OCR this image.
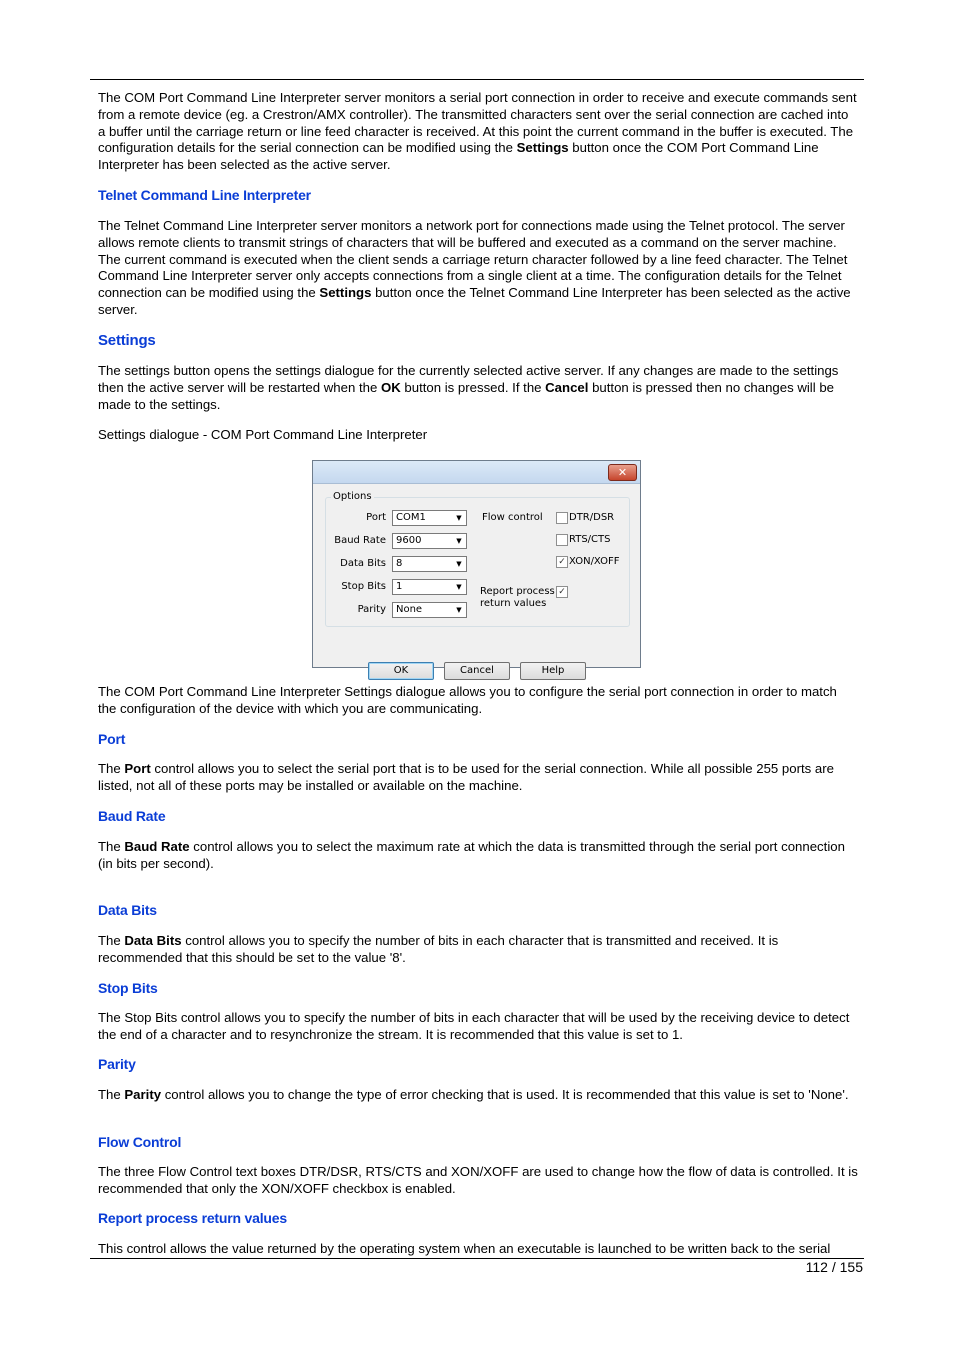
The COM Port Command Line Interpreter server monitors a serial port connection in order to receive and execute commands sent from a remote device (eg. a Crestron/AMX controller). The transmitted characters sent over the serial connection are cached into a buffer until the carriage return or line feed character is received. At this point the current command in the buffer is executed. The configuration details for the serial connection can be modified using the Settings button once the COM Port Command Line Interpreter has been selected as the active server.

Telnet Command Line Interpreter

The Telnet Command Line Interpreter server monitors a network port for connections made using the Telnet protocol. The server allows remote clients to transmit strings of characters that will be buffered and executed as a command on the server machine. The current command is executed when the client sends a carriage return character followed by a line feed character. The Telnet Command Line Interpreter server only accepts connections from a single client at a time. The configuration details for the Telnet connection can be modified using the Settings button once the Telnet Command Line Interpreter has been selected as the active server.

Settings

The settings button opens the settings dialogue for the currently selected active server. If any changes are made to the settings then the active server will be restarted when the OK button is pressed. If the Cancel button is pressed then no changes will be made to the settings.

Settings dialogue - COM Port Command Line Interpreter

✕
Options
Port	COM1	▼
Baud Rate	9600	▼
Data Bits	8	▼
Stop Bits	1	▼
Parity	None	▼
Flow control	DTR/DSR
RTS/CTS
✓ XON/XOFF
Report process
return values
✓
OK	Cancel	Help

The COM Port Command Line Interpreter Settings dialogue allows you to configure the serial port connection in order to match the configuration of the device with which you are communicating.

Port

The Port control allows you to select the serial port that is to be used for the serial connection. While all possible 255 ports are listed, not all of these ports may be installed or available on the machine.

Baud Rate

The Baud Rate control allows you to select the maximum rate at which the data is transmitted through the serial port connection (in bits per second).

Data Bits

The Data Bits control allows you to specify the number of bits in each character that is transmitted and received. It is recommended that this should be set to the value '8'.

Stop Bits

The Stop Bits control allows you to specify the number of bits in each character that will be used by the receiving device to detect the end of a character and to resynchronize the stream. It is recommended that this value is set to 1.

Parity

The Parity control allows you to change the type of error checking that is used. It is recommended that this value is set to 'None'.

Flow Control

The three Flow Control text boxes DTR/DSR, RTS/CTS and XON/XOFF are used to change how the flow of data is controlled. It is recommended that only the XON/XOFF checkbox is enabled.

Report process return values

This control allows the value returned by the operating system when an executable is launched to be written back to the serial

112 / 155
